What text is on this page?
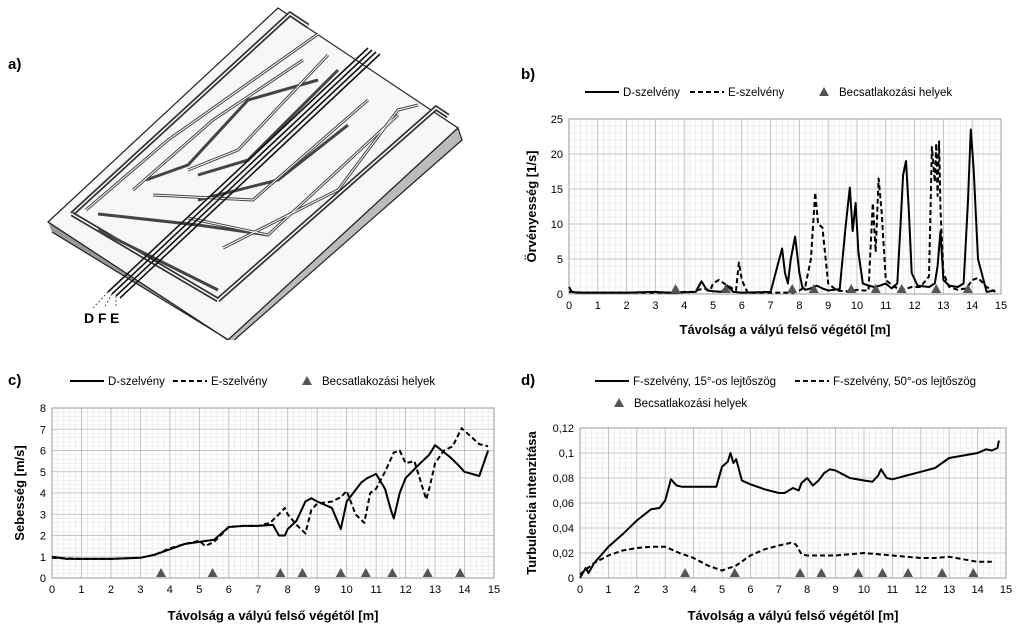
a)
b)
c)	d)
D F E
0 1 2 3 4 5 6 7 8 9 10 11 12 13 14 15
0
5
10
15
20
25
Távolság a vályú felső végétől [m]
Örvényesség [1/s]
D-szelvény	E-szelvény	Becsatlakozási helyek
0 1 2 3 4 5 6 7 8 9 10 11 12 13 14 15
0
1
2
3
4
5
6
7
8
Távolság a vályú felső végétől [m]
Sebesség [m/s]
D-szelvény	E-szelvény	Becsatlakozási helyek
0 1 2 3 4 5 6 7 8 9 10 11 12 13 14 15
0
0,02
0,04
0,06
0,08
0,1
0,12
Távolság a vályú felső végétől [m]
Turbulencia intenzitása
F-szelvény, 15°-os lejtőszög	F-szelvény, 50°-os lejtőszög
Becsatlakozási helyek
